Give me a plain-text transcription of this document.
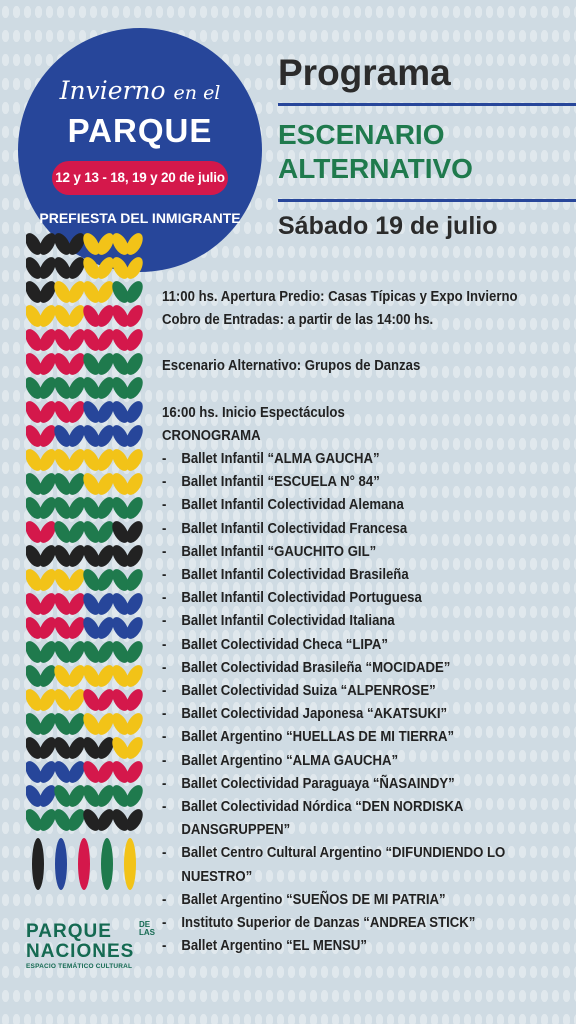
Invierno en el
PARQUE
12 y 13 - 18, 19 y 20 de julio
PREFIESTA DEL INMIGRANTE
PARQUE	DE LAS
NACIONES
ESPACIO TEMÁTICO CULTURAL
Programa
ESCENARIO ALTERNATIVO
Sábado 19 de julio

11:00 hs. Apertura Predio: Casas Típicas y Expo Invierno

Cobro de Entradas: a partir de las 14:00 hs.

Escenario Alternativo: Grupos de Danzas

16:00 hs. Inicio Espectáculos

CRONOGRAMA

-	Ballet Infantil “ALMA GAUCHA”
-	Ballet Infantil “ESCUELA N° 84”
-	Ballet Infantil Colectividad Alemana
-	Ballet Infantil Colectividad Francesa
-	Ballet Infantil “GAUCHITO GIL”
-	Ballet Infantil Colectividad Brasileña
-	Ballet Infantil Colectividad Portuguesa
-	Ballet Infantil Colectividad Italiana
-	Ballet Colectividad Checa “LIPA”
-	Ballet Colectividad Brasileña “MOCIDADE”
-	Ballet Colectividad Suiza “ALPENROSE”
-	Ballet Colectividad Japonesa “AKATSUKI”
-	Ballet Argentino “HUELLAS DE MI TIERRA”
-	Ballet Argentino “ALMA GAUCHA”
-	Ballet Colectividad Paraguaya “ÑASAINDY”
-	Ballet Colectividad Nórdica “DEN NORDISKA DANSGRUPPEN”
-	Ballet Centro Cultural Argentino “DIFUNDIENDO LO NUESTRO”
-	Ballet Argentino “SUEÑOS DE MI PATRIA”
-	Instituto Superior de Danzas “ANDREA STICK”
-	Ballet Argentino “EL MENSU”
